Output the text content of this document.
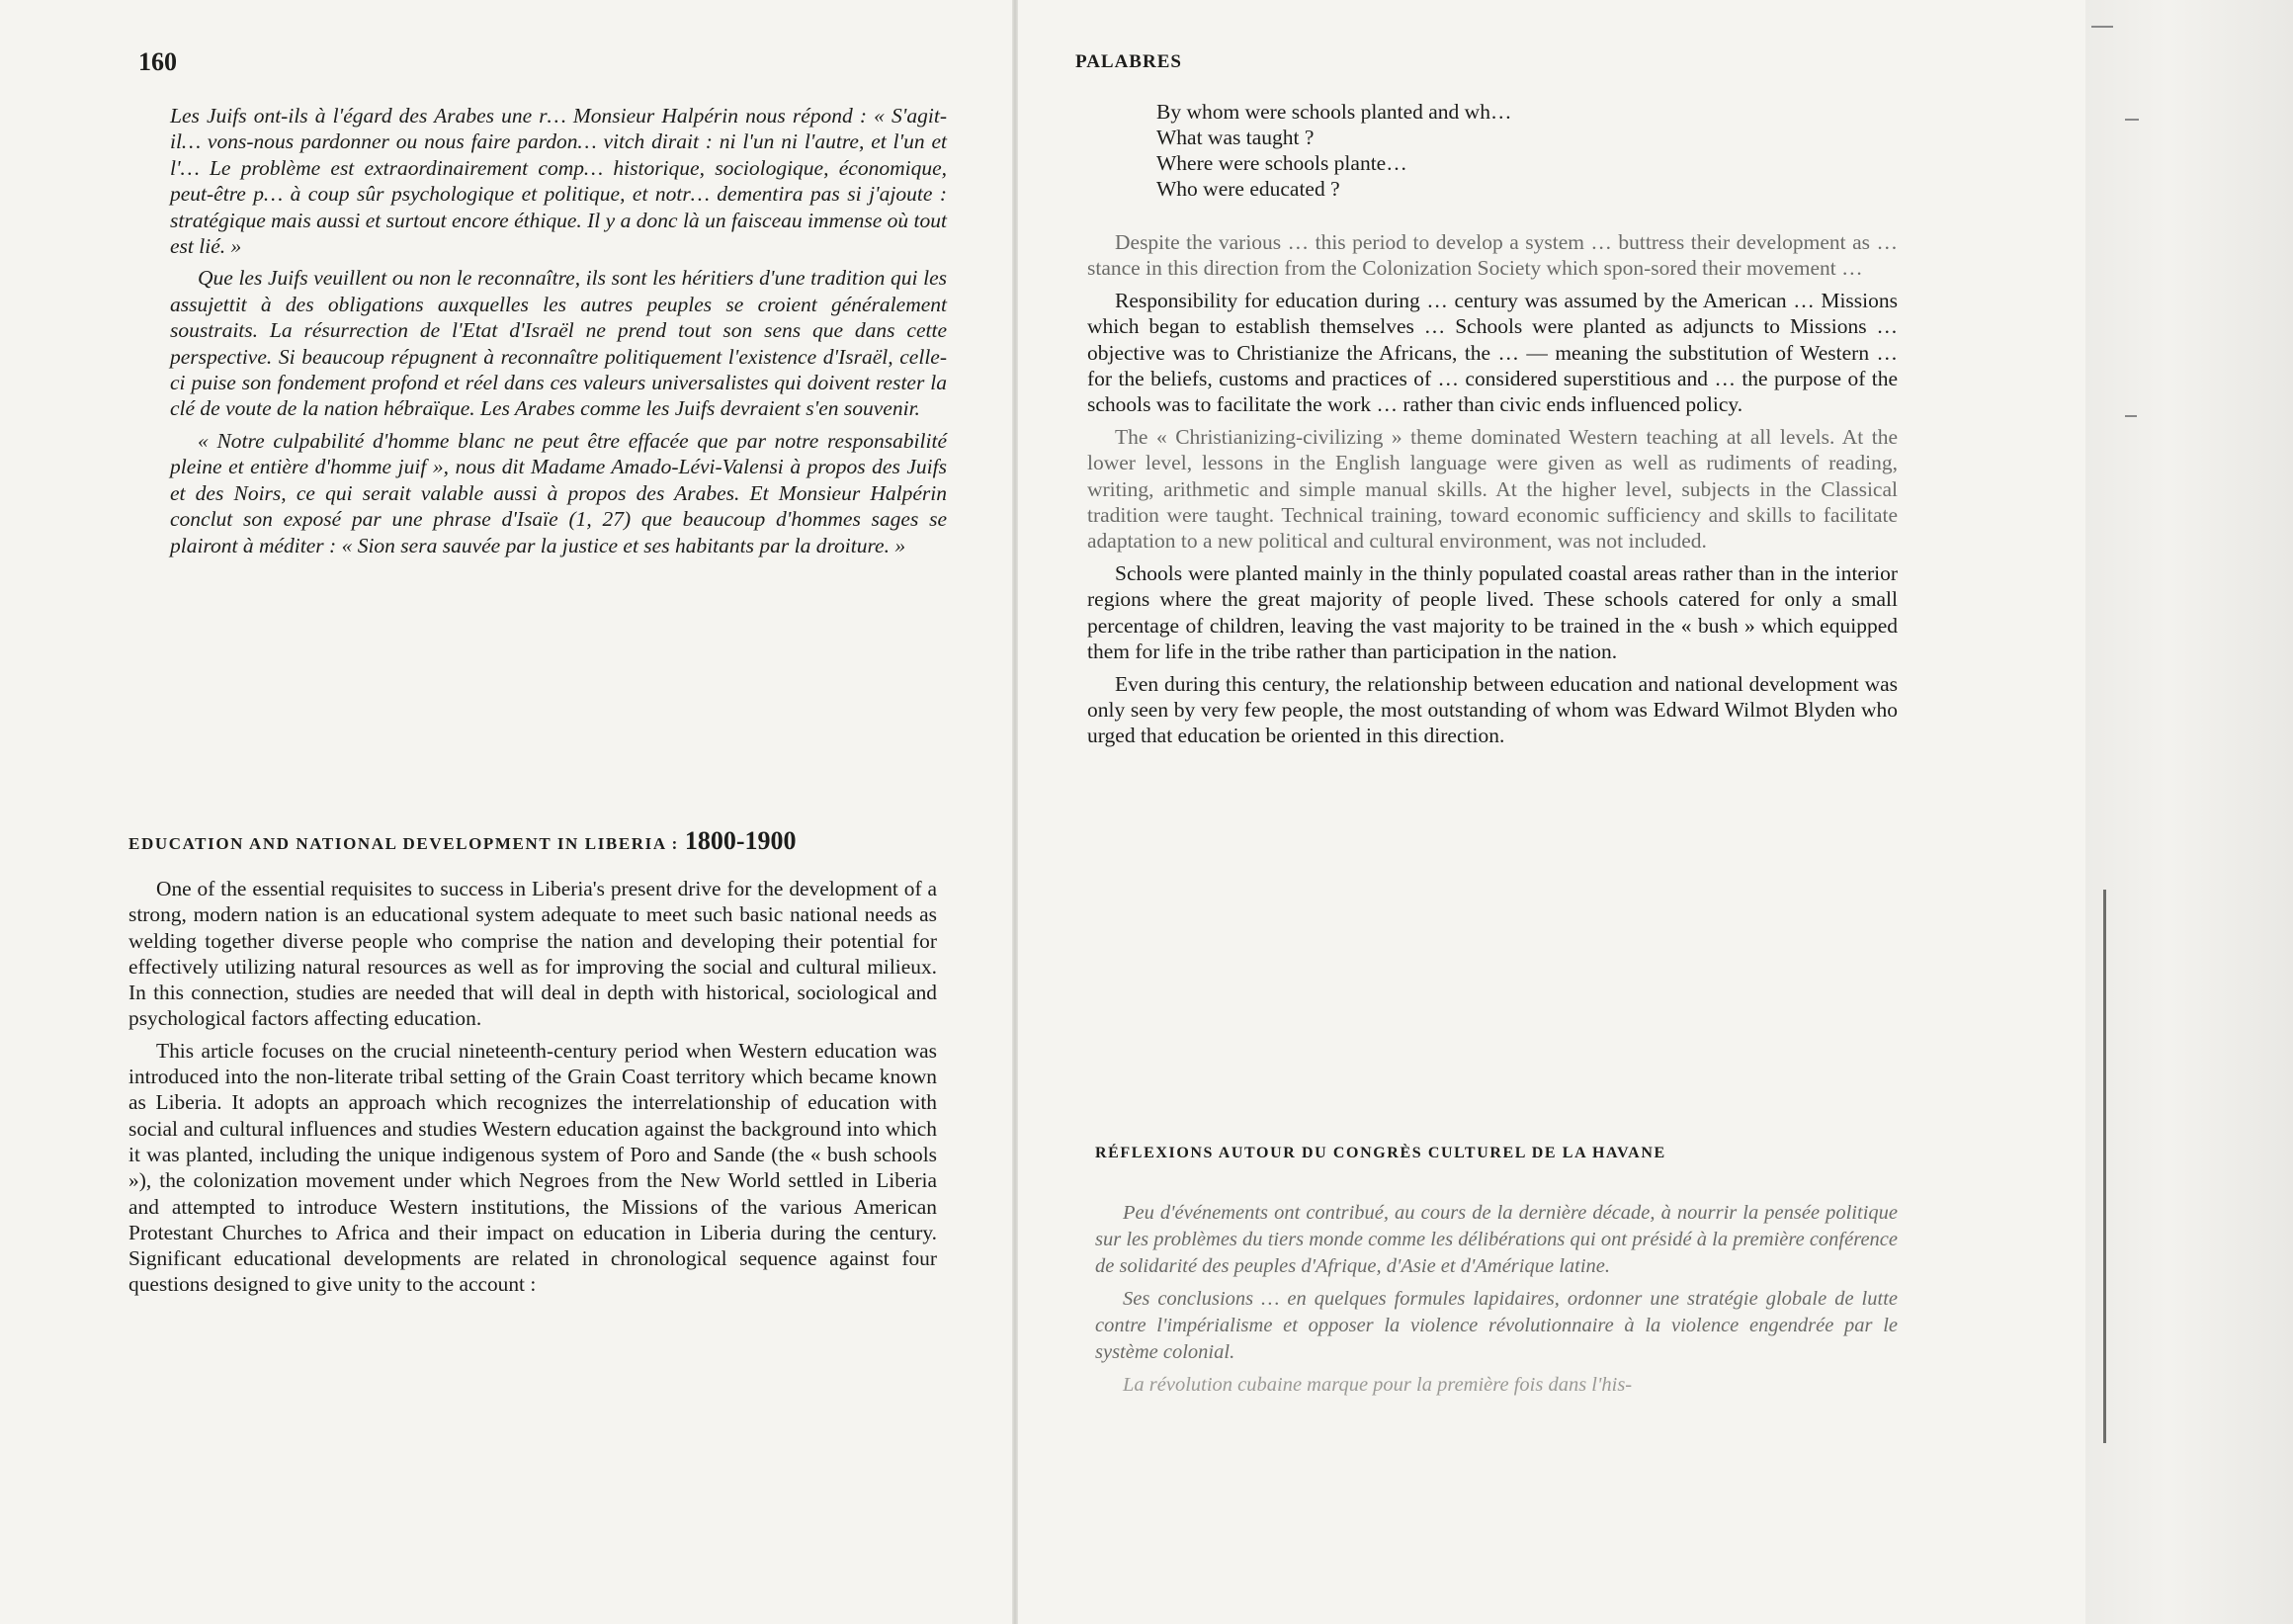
160

Les Juifs ont-ils à l'égard des Arabes une r… Monsieur Halpérin nous répond : « S'agit-il… vons-nous pardonner ou nous faire pardon… vitch dirait : ni l'un ni l'autre, et l'un et l'… Le problème est extraordinairement comp… historique, sociologique, économique, peut-être p… à coup sûr psychologique et politique, et notr… dementira pas si j'ajoute : stratégique mais aussi et surtout encore éthique. Il y a donc là un faisceau immense où tout est lié. »

Que les Juifs veuillent ou non le reconnaître, ils sont les héritiers d'une tradition qui les assujettit à des obligations auxquelles les autres peuples se croient généralement soustraits. La résurrection de l'Etat d'Israël ne prend tout son sens que dans cette perspective. Si beaucoup répugnent à reconnaître politiquement l'existence d'Israël, celle-ci puise son fondement profond et réel dans ces valeurs universalistes qui doivent rester la clé de voute de la nation hébraïque. Les Arabes comme les Juifs devraient s'en souvenir.

« Notre culpabilité d'homme blanc ne peut être effacée que par notre responsabilité pleine et entière d'homme juif », nous dit Madame Amado-Lévi-Valensi à propos des Juifs et des Noirs, ce qui serait valable aussi à propos des Arabes. Et Monsieur Halpérin conclut son exposé par une phrase d'Isaïe (1, 27) que beaucoup d'hommes sages se plairont à méditer : « Sion sera sauvée par la justice et ses habitants par la droiture. »

EDUCATION AND NATIONAL DEVELOPMENT IN LIBERIA : 1800-1900

One of the essential requisites to success in Liberia's present drive for the development of a strong, modern nation is an educational system adequate to meet such basic national needs as welding together diverse people who comprise the nation and developing their potential for effectively utilizing natural resources as well as for improving the social and cultural milieux. In this connection, studies are needed that will deal in depth with historical, sociological and psychological factors affecting education.

This article focuses on the crucial nineteenth-century period when Western education was introduced into the non-literate tribal setting of the Grain Coast territory which became known as Liberia. It adopts an approach which recognizes the interrelationship of education with social and cultural influences and studies Western education against the background into which it was planted, including the unique indigenous system of Poro and Sande (the « bush schools »), the colonization movement under which Negroes from the New World settled in Liberia and attempted to introduce Western institutions, the Missions of the various American Protestant Churches to Africa and their impact on education in Liberia during the century. Significant educational developments are related in chronological sequence against four questions designed to give unity to the account :

PALABRES
By whom were schools planted and wh…
What was taught ?
Where were schools plante…
Who were educated ?

Despite the various … this period to develop a system … buttress their development as … stance in this direction from the Colonization Society which spon-sored their movement …

Responsibility for education during … century was assumed by the American … Missions which began to establish themselves … Schools were planted as adjuncts to Missions … objective was to Christianize the Africans, the … — meaning the substitution of Western … for the beliefs, customs and practices of … considered superstitious and … the purpose of the schools was to facilitate the work … rather than civic ends influenced policy.

The « Christianizing-civilizing » theme dominated Western teaching at all levels. At the lower level, lessons in the English language were given as well as rudiments of reading, writing, arithmetic and simple manual skills. At the higher level, subjects in the Classical tradition were taught. Technical training, toward economic sufficiency and skills to facilitate adaptation to a new political and cultural environment, was not included.

Schools were planted mainly in the thinly populated coastal areas rather than in the interior regions where the great majority of people lived. These schools catered for only a small percentage of children, leaving the vast majority to be trained in the « bush » which equipped them for life in the tribe rather than participation in the nation.

Even during this century, the relationship between education and national development was only seen by very few people, the most outstanding of whom was Edward Wilmot Blyden who urged that education be oriented in this direction.

RÉFLEXIONS AUTOUR DU CONGRÈS CULTUREL DE LA HAVANE

Peu d'événements ont contribué, au cours de la dernière décade, à nourrir la pensée politique sur les problèmes du tiers monde comme les délibérations qui ont présidé à la première conférence de solidarité des peuples d'Afrique, d'Asie et d'Amérique latine.

Ses conclusions … en quelques formules lapidaires, ordonner une stratégie globale de lutte contre l'impérialisme et opposer la violence révolutionnaire à la violence engendrée par le système colonial.

La révolution cubaine marque pour la première fois dans l'his-
